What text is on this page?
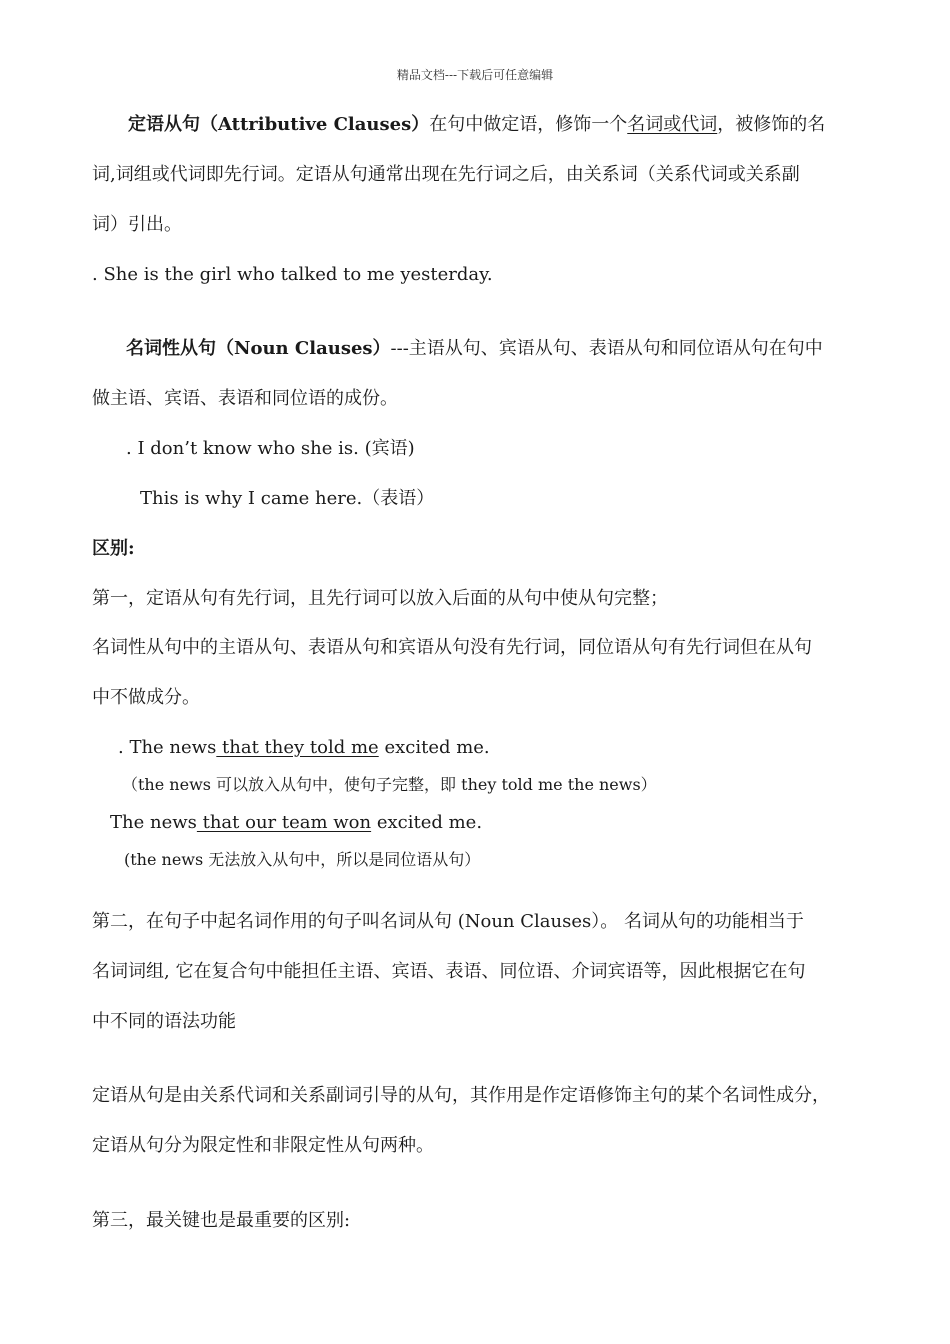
精品文档---下载后可任意编辑
定语从句（Attributive Clauses）在句中做定语，修饰一个名词或代词，被修饰的名
词,词组或代词即先行词。定语从句通常出现在先行词之后，由关系词（关系代词或关系副
词）引出。
. She is the girl who talked to me yesterday.
名词性从句（Noun Clauses）---主语从句、宾语从句、表语从句和同位语从句在句中
做主语、宾语、表语和同位语的成份。
. I don’t know who she is. (宾语)
This is why I came here.（表语）
区别:
第一，定语从句有先行词，且先行词可以放入后面的从句中使从句完整；
名词性从句中的主语从句、表语从句和宾语从句没有先行词，同位语从句有先行词但在从句
中不做成分。
. The news that they told me excited me.
（the news 可以放入从句中，使句子完整，即 they told me the news）
The news that our team won excited me.
(the news 无法放入从句中，所以是同位语从句）
第二，在句子中起名词作用的句子叫名词从句 (Noun Clauses）。 名词从句的功能相当于
名词词组, 它在复合句中能担任主语、宾语、表语、同位语、介词宾语等，因此根据它在句
中不同的语法功能
定语从句是由关系代词和关系副词引导的从句，其作用是作定语修饰主句的某个名词性成分，
定语从句分为限定性和非限定性从句两种。
第三，最关键也是最重要的区别:
